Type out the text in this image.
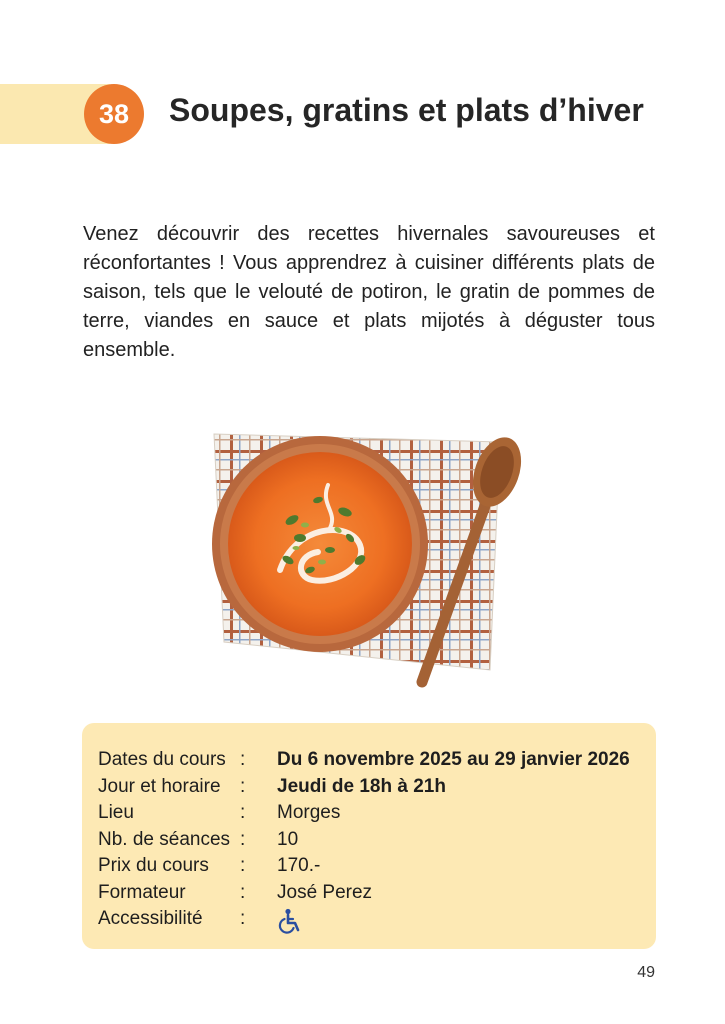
38	Soupes, gratins et plats d’hiver

Venez découvrir des recettes hivernales savoureuses et réconfortantes ! Vous apprendrez à cuisiner différents plats de saison, tels que le velouté de potiron, le gratin de pommes de terre, viandes en sauce et plats mijotés à déguster tous ensemble.

Dates du cours :	Du 6 novembre 2025 au 29 janvier 2026
Jour et horaire	:	Jeudi de 18h à 21h
Lieu	:	Morges
Nb. de séances :	10
Prix du cours	:	170.-
Formateur	:	José Perez
Accessibilité	:
49
